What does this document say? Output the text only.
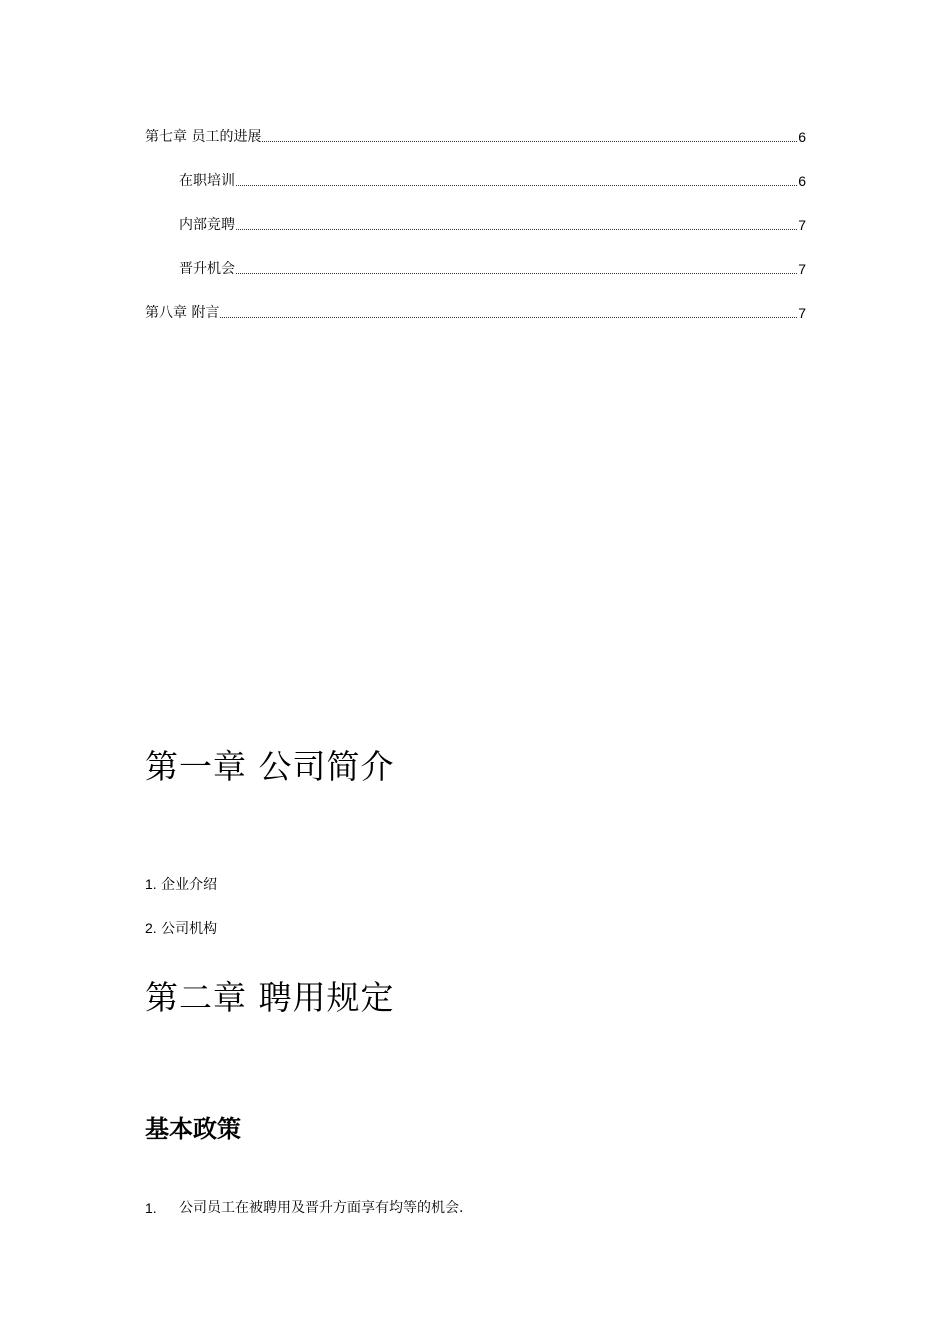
第七章 员工的进展	6
在职培训	6
内部竞聘	7
晋升机会	7
第八章 附言	7
第一章 公司简介
1. 企业介绍
2. 公司机构
第二章 聘用规定
基本政策
1. 公司员工在被聘用及晋升方面享有均等的机会.
